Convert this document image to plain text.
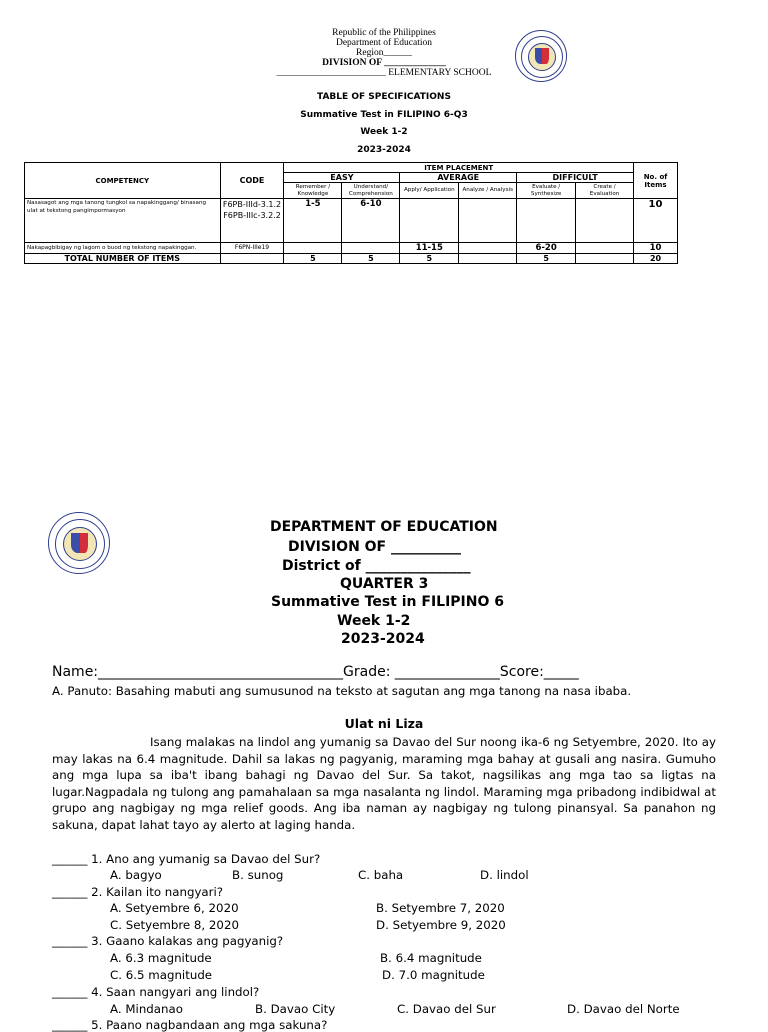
Republic of the Philippines
Department of Education
Region______
DIVISION OF _____________
_______________________ ELEMENTARY SCHOOL
TABLE OF SPECIFICATIONS
Summative Test in FILIPINO 6-Q3
Week 1-2
2023-2024
COMPETENCY	CODE	ITEM PLACEMENT						No. of Items
		EASY		AVERAGE		DIFFICULT		
		Remember / Knowledge	Understand/ Comprehension	Apply/ Application	Analyze / Analysis	Evaluate / Synthesize	Create / Evaluation	
Nasasagot ang mga tanong tungkol sa napakinggang/ binasang ulat at tekstong pangimpormasyon	F6PB-IIId-3.1.2 F6PB-IIIc-3.2.2	1-5	6-10					10
Nakapagbibigay ng lagom o buod ng tekstong napakinggan.	F6PN-IIIe19			11-15		6-20		10
TOTAL NUMBER OF ITEMS		5	5	5		5		20
DEPARTMENT OF EDUCATION
DIVISION OF __________
District of _______________
QUARTER 3
Summative Test in FILIPINO 6
Week 1-2
2023-2024
Name:___________________________________Grade: _______________Score:_____
A. Panuto: Basahing mabuti ang sumusunod na teksto at sagutan ang mga tanong na nasa ibaba.
Ulat ni Liza
Isang malakas na lindol ang yumanig sa Davao del Sur noong ika-6 ng Setyembre, 2020. Ito ay may lakas na 6.4 magnitude. Dahil sa lakas ng pagyanig, maraming mga bahay at gusali ang nasira. Gumuho ang mga lupa sa iba't ibang bahagi ng Davao del Sur. Sa takot, nagsilikas ang mga tao sa ligtas na lugar.Nagpadala ng tulong ang pamahalaan sa mga nasalanta ng lindol. Maraming mga pribadong indibidwal at grupo ang nagbigay ng mga relief goods. Ang iba naman ay nagbigay ng tulong pinansyal. Sa panahon ng sakuna, dapat lahat tayo ay alerto at laging handa.
______ 1. Ano ang yumanig sa Davao del Sur?
A. bagyo	B. sunog	C. baha	D. lindol
______ 2. Kailan ito nangyari?
A. Setyembre 6, 2020	B. Setyembre 7, 2020
C. Setyembre 8, 2020	D. Setyembre 9, 2020
______ 3. Gaano kalakas ang pagyanig?
A. 6.3 magnitude	B. 6.4 magnitude
C. 6.5 magnitude	D. 7.0 magnitude
______ 4. Saan nangyari ang lindol?
A. Mindanao	B. Davao City	C. Davao del Sur	D. Davao del Norte
______ 5. Paano nagbandaan ang mga sakuna?
